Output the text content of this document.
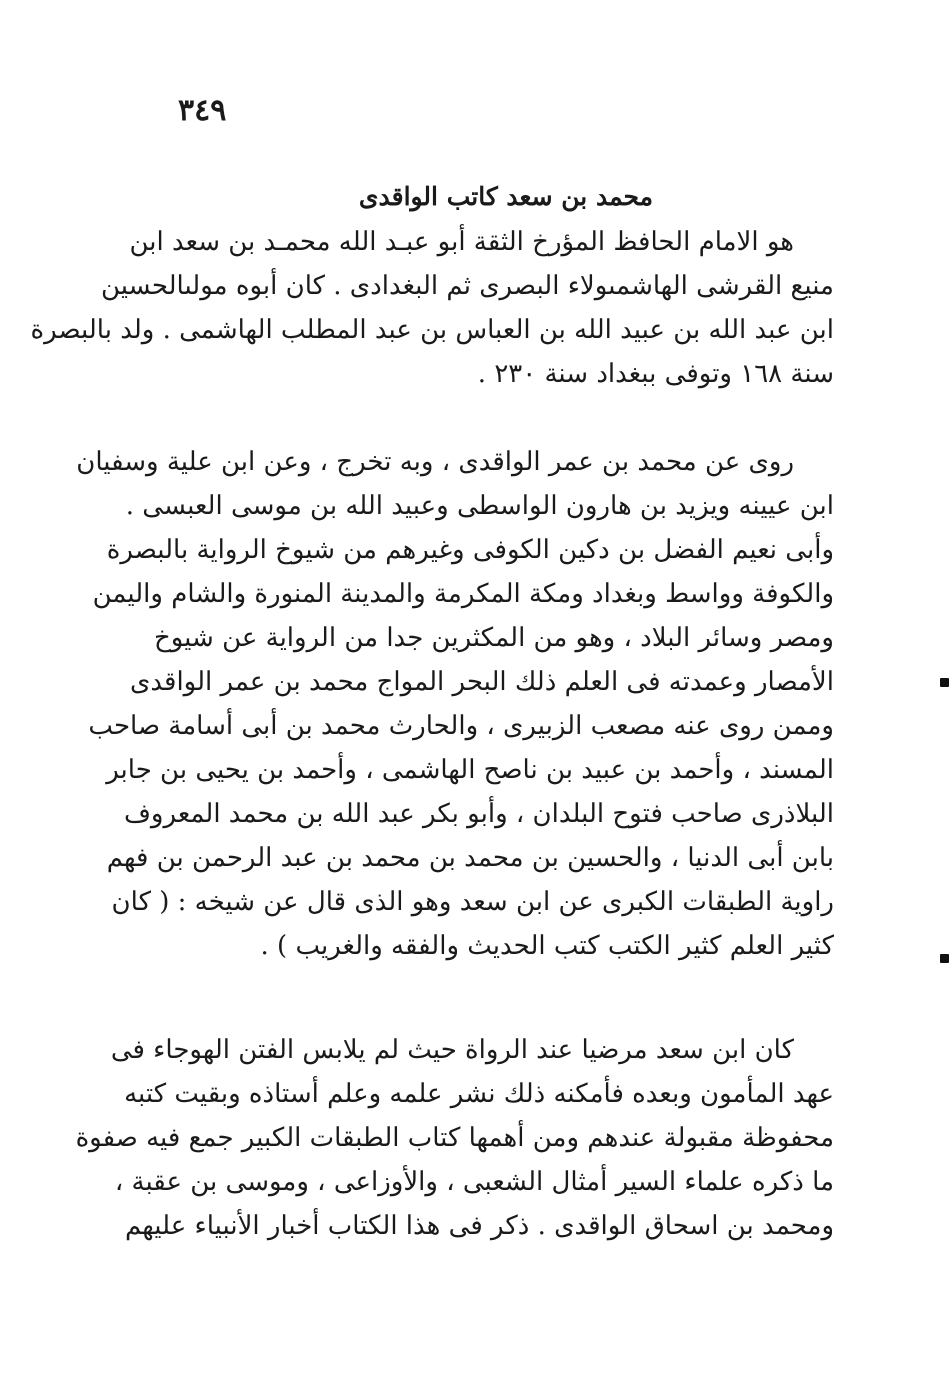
٣٤٩
محمد بن سعد كاتب الواقدى
هو الامام الحافظ المؤرخ الثقة أبو عبـد الله محمـد بن سعد ابن
منيع القرشى الهاشمىولاء البصرى ثم البغدادى . كان أبوه مولىالحسين
ابن عبد الله بن عبيد الله بن العباس بن عبد المطلب الهاشمى . ولد بالبصرة
سنة ١٦٨ وتوفى ببغداد سنة ٢٣٠ .
روى عن محمد بن عمر الواقدى ، وبه تخرج ، وعن ابن علية وسفيان
ابن عيينه ويزيد بن هارون الواسطى وعبيد الله بن موسى العبسى .
وأبى نعيم الفضل بن دكين الكوفى وغيرهم من شيوخ الرواية بالبصرة
والكوفة وواسط وبغداد ومكة المكرمة والمدينة المنورة والشام واليمن
ومصر وسائر البلاد ، وهو من المكثرين جدا من الرواية عن شيوخ
الأمصار وعمدته فى العلم ذلك البحر المواج محمد بن عمر الواقدى
وممن روى عنه مصعب الزبيرى ، والحارث محمد بن أبى أسامة صاحب
المسند ، وأحمد بن عبيد بن ناصح الهاشمى ، وأحمد بن يحيى بن جابر
البلاذرى صاحب فتوح البلدان ، وأبو بكر عبد الله بن محمد المعروف
بابن أبى الدنيا ، والحسين بن محمد بن محمد بن عبد الرحمن بن فهم
راوية الطبقات الكبرى عن ابن سعد وهو الذى قال عن شيخه : ( كان
كثير العلم كثير الكتب كتب الحديث والفقه والغريب ) .
كان ابن سعد مرضيا عند الرواة حيث لم يلابس الفتن الهوجاء فى
عهد المأمون وبعده فأمكنه ذلك نشر علمه وعلم أستاذه وبقيت كتبه
محفوظة مقبولة عندهم ومن أهمها كتاب الطبقات الكبير جمع فيه صفوة
ما ذكره علماء السير أمثال الشعبى ، والأوزاعى ، وموسى بن عقبة ،
ومحمد بن اسحاق الواقدى . ذكر فى هذا الكتاب أخبار الأنبياء عليهم
